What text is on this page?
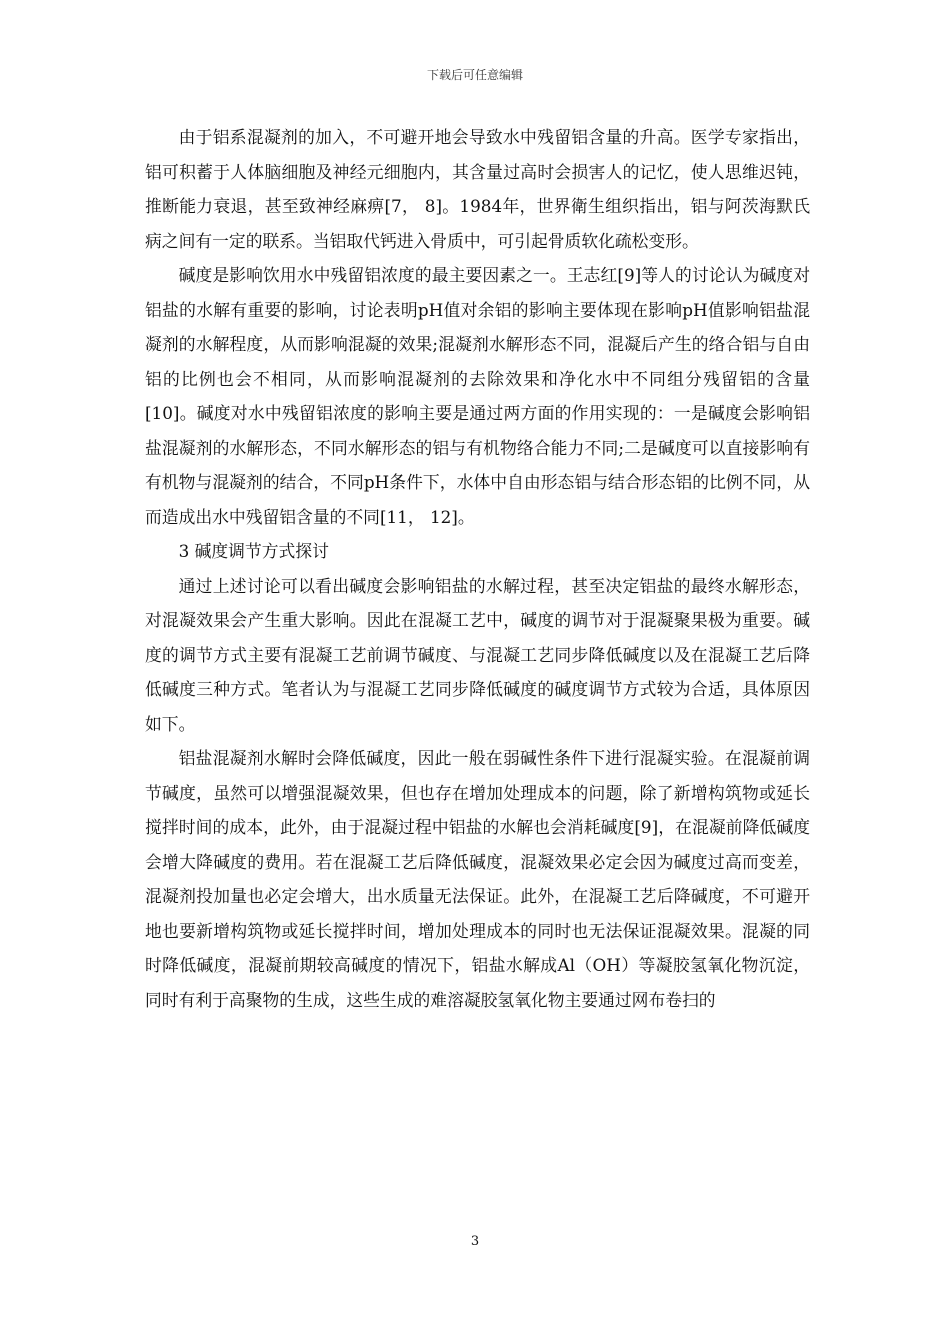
下载后可任意编辑

由于铝系混凝剂的加入，不可避开地会导致水中残留铝含量的升高。医学专家指出，铝可积蓄于人体脑细胞及神经元细胞内，其含量过高时会损害人的记忆，使人思维迟钝，推断能力衰退，甚至致神经麻痹[7， 8]。1984年，世界衛生组织指出，铝与阿茨海默氏病之间有一定的联系。当铝取代钙进入骨质中，可引起骨质软化疏松变形。

碱度是影响饮用水中残留铝浓度的最主要因素之一。王志红[9]等人的讨论认为碱度对铝盐的水解有重要的影响，讨论表明pH值对余铝的影响主要体现在影响pH值影响铝盐混凝剂的水解程度，从而影响混凝的效果;混凝剂水解形态不同，混凝后产生的络合铝与自由铝的比例也会不相同，从而影响混凝剂的去除效果和净化水中不同组分残留铝的含量[10]。碱度对水中残留铝浓度的影响主要是通过两方面的作用实现的：一是碱度会影响铝盐混凝剂的水解形态，不同水解形态的铝与有机物络合能力不同;二是碱度可以直接影响有有机物与混凝剂的结合，不同pH条件下，水体中自由形态铝与结合形态铝的比例不同，从而造成出水中残留铝含量的不同[11， 12]。

3 碱度调节方式探讨

通过上述讨论可以看出碱度会影响铝盐的水解过程，甚至决定铝盐的最终水解形态，对混凝效果会产生重大影响。因此在混凝工艺中，碱度的调节对于混凝聚果极为重要。碱度的调节方式主要有混凝工艺前调节碱度、与混凝工艺同步降低碱度以及在混凝工艺后降低碱度三种方式。笔者认为与混凝工艺同步降低碱度的碱度调节方式较为合适，具体原因如下。

铝盐混凝剂水解时会降低碱度，因此一般在弱碱性条件下进行混凝实验。在混凝前调节碱度，虽然可以增强混凝效果，但也存在增加处理成本的问题，除了新增构筑物或延长搅拌时间的成本，此外，由于混凝过程中铝盐的水解也会消耗碱度[9]，在混凝前降低碱度会增大降碱度的费用。若在混凝工艺后降低碱度，混凝效果必定会因为碱度过高而变差，混凝剂投加量也必定会增大，出水质量无法保证。此外，在混凝工艺后降碱度，不可避开地也要新增构筑物或延长搅拌时间，增加处理成本的同时也无法保证混凝效果。混凝的同时降低碱度，混凝前期较高碱度的情况下，铝盐水解成Al（OH）等凝胶氢氧化物沉淀，同时有利于高聚物的生成，这些生成的难溶凝胶氢氧化物主要通过网布卷扫的

3
